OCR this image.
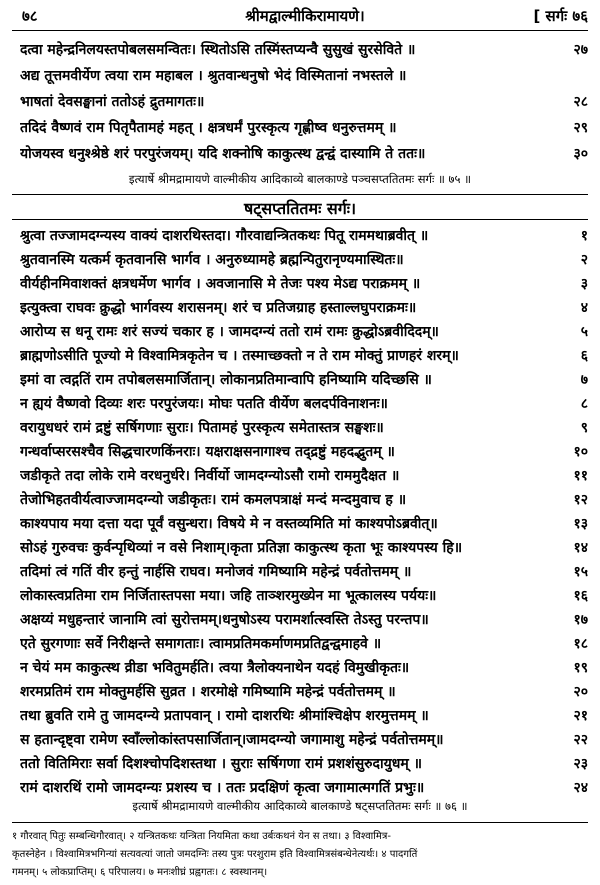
७८	श्रीमद्वाल्मीकिरामायणे।	[ सर्गः ७६
दत्वा महेन्द्रनिलयस्तपोबलसमन्वितः। स्थितोऽसि तस्मिंस्तप्यन्वै सुसुखं सुरसेविते ॥	२७
अद्य तूत्तमवीर्येण त्वया राम महाबल । श्रुतवान्धनुषो भेदं विस्मितानां नभस्तले ॥
भाषतां देवसङ्घानां ततोऽहं द्रुतमागतः॥	२८
तदिदं वैष्णवं राम पितृपैतामहं महत् । क्षत्रधर्मं पुरस्कृत्य गृह्णीष्व धनुरुत्तमम् ॥	२९
योजयस्व धनुश्श्रेष्ठे शरं परपुरंजयम्। यदि शक्नोषि काकुत्स्थ द्वन्द्वं दास्यामि ते ततः॥	३०
इत्यार्षे श्रीमद्रामायणे वाल्मीकीय आदिकाव्ये बालकाण्डे पञ्चसप्ततितमः सर्गः ॥ ७५ ॥
षट्सप्ततितमः सर्गः।
श्रुत्वा तज्जामदग्न्यस्य वाक्यं दाशरथिस्तदा। गौरवाद्यन्त्रितकथः पितू राममथाब्रवीत् ॥	१
श्रुतवानस्मि यत्कर्म कृतवानसि भार्गव । अनुरुध्यामहे ब्रह्मन्पितुरानृण्यमास्थितः॥	२
वीर्यहीनमिवाशक्तं क्षत्रधर्मेण भार्गव । अवजानासि मे तेजः पश्य मेऽद्य पराक्रमम् ॥	३
इत्युक्त्वा राघवः क्रुद्धो भार्गवस्य शरासनम्। शरं च प्रतिजग्राह हस्ताल्लघुपराक्रमः॥	४
आरोप्य स धनू रामः शरं सज्यं चकार ह । जामदग्न्यं ततो रामं रामः क्रुद्धोऽब्रवीदिदम्॥	५
ब्राह्मणोऽसीति पूज्यो मे विश्वामित्रकृतेन च । तस्माच्छक्तो न ते राम मोक्तुं प्राणहरं शरम्॥	६
इमां वा त्वद्गतिं राम तपोबलसमार्जितान्। लोकानप्रतिमान्वापि हनिष्यामि यदिच्छसि ॥	७
न ह्ययं वैष्णवो दिव्यः शरः परपुरंजयः। मोघः पतति वीर्येण बलदर्पविनाशनः॥	८
वरायुधधरं रामं द्रष्टुं सर्षिगणाः सुराः। पितामहं पुरस्कृत्य समेतास्तत्र सङ्घशः॥	९
गन्धर्वाप्सरसश्चैव सिद्धचारणकिंनराः। यक्षराक्षसनागाश्च तद्द्रष्टुं महदद्भुतम् ॥	१०
जडीकृते तदा लोके रामे वरधनुर्धरे। निर्वीर्यो जामदग्न्योऽसौ रामो राममुदैक्षत ॥	११
तेजोभिहतवीर्यत्वाज्जामदग्न्यो जडीकृतः। रामं कमलपत्राक्षं मन्दं मन्दमुवाच ह ॥	१२
काश्यपाय मया दत्ता यदा पूर्वं वसुन्धरा। विषये मे न वस्तव्यमिति मां काश्यपोऽब्रवीत्॥	१३
सोऽहं गुरुवचः कुर्वन्पृथिव्यां न वसे निशाम्।कृता प्रतिज्ञा काकुत्स्थ कृता भूः काश्यपस्य हि॥	१४
तदिमां त्वं गतिं वीर हन्तुं नार्हसि राघव। मनोजवं गमिष्यामि महेन्द्रं पर्वतोत्तमम् ॥	१५
लोकास्त्वप्रतिमा राम निर्जितास्तपसा मया। जहि ताञ्शरमुख्येन मा भूत्कालस्य पर्ययः॥	१६
अक्षय्यं मधुहन्तारं जानामि त्वां सुरोत्तमम्।धनुषोऽस्य परामर्शात्स्वस्ति तेऽस्तु परन्तप॥	१७
एते सुरगणाः सर्वे निरीक्षन्ते समागताः। त्वामप्रतिमकर्माणमप्रतिद्वन्द्वमाहवे ॥	१८
न चेयं मम काकुत्स्थ व्रीडा भवितुमर्हति। त्वया त्रैलोक्यनाथेन यदहं विमुखीकृतः॥	१९
शरमप्रतिमं राम मोक्तुमर्हसि सुव्रत । शरमोक्षे गमिष्यामि महेन्द्रं पर्वतोत्तमम् ॥	२०
तथा ब्रुवति रामे तु जामदग्न्ये प्रतापवान् । रामो दाशरथिः श्रीमांश्चिक्षेप शरमुत्तमम् ॥	२१
स हतान्दृष्ट्वा रामेण स्वाँल्लोकांस्तपसार्जितान्।जामदग्न्यो जगामाशु महेन्द्रं पर्वतोत्तमम्॥	२२
ततो वितिमिराः सर्वा दिशश्चोपदिशस्तथा । सुराः सर्षिगणा रामं प्रशशंसुरुदायुधम् ॥	२३
रामं दाशरथिं रामो जामदग्न्यः प्रशस्य च । ततः प्रदक्षिणं कृत्वा जगामात्मगतिं प्रभुः॥	२४
इत्यार्षे श्रीमद्रामायणे वाल्मीकीय आदिकाव्ये बालकाण्डे षट्सप्ततितमः सर्गः ॥ ७६ ॥
१ गौरवात् पितुः सम्बन्धिगौरवात्। २ यन्त्रितकथः यन्त्रिता नियमिता कथा उर्बःकथनं येन स तथा। ३ विश्वामित्र-
कृतस्नेहेन । विश्वामित्रभगिन्यां सत्यवत्यां जातो जमदग्निः तस्य पुत्रः परशुराम इति विश्वामित्रसंबन्धेनेत्यर्थः। ४ पादगतिं
गमनम्। ५ लोकप्राप्तिम्। ६ परिपालय। ७ मनःशीघ्रं प्रह्वगतः। ८ स्वस्थानम्।
